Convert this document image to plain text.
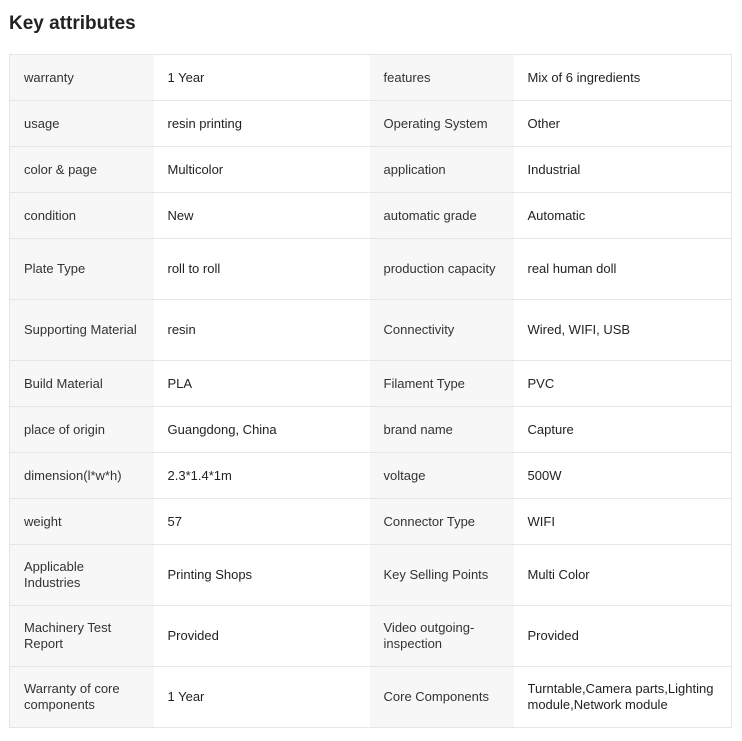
Key attributes
warranty	1 Year	features	Mix of 6 ingredients
usage	resin printing	Operating System	Other
color & page	Multicolor	application	Industrial
condition	New	automatic grade	Automatic
Plate Type	roll to roll	production capacity	real human doll
Supporting Material	resin	Connectivity	Wired, WIFI, USB
Build Material	PLA	Filament Type	PVC
place of origin	Guangdong, China	brand name	Capture
dimension(l*w*h)	2.3*1.4*1m	voltage	500W
weight	57	Connector Type	WIFI
Applicable Industries	Printing Shops	Key Selling Points	Multi Color
Machinery Test Report	Provided	Video outgoing-inspection	Provided
Warranty of core components	1 Year	Core Components	Turntable,Camera parts,Lighting module,Network module
